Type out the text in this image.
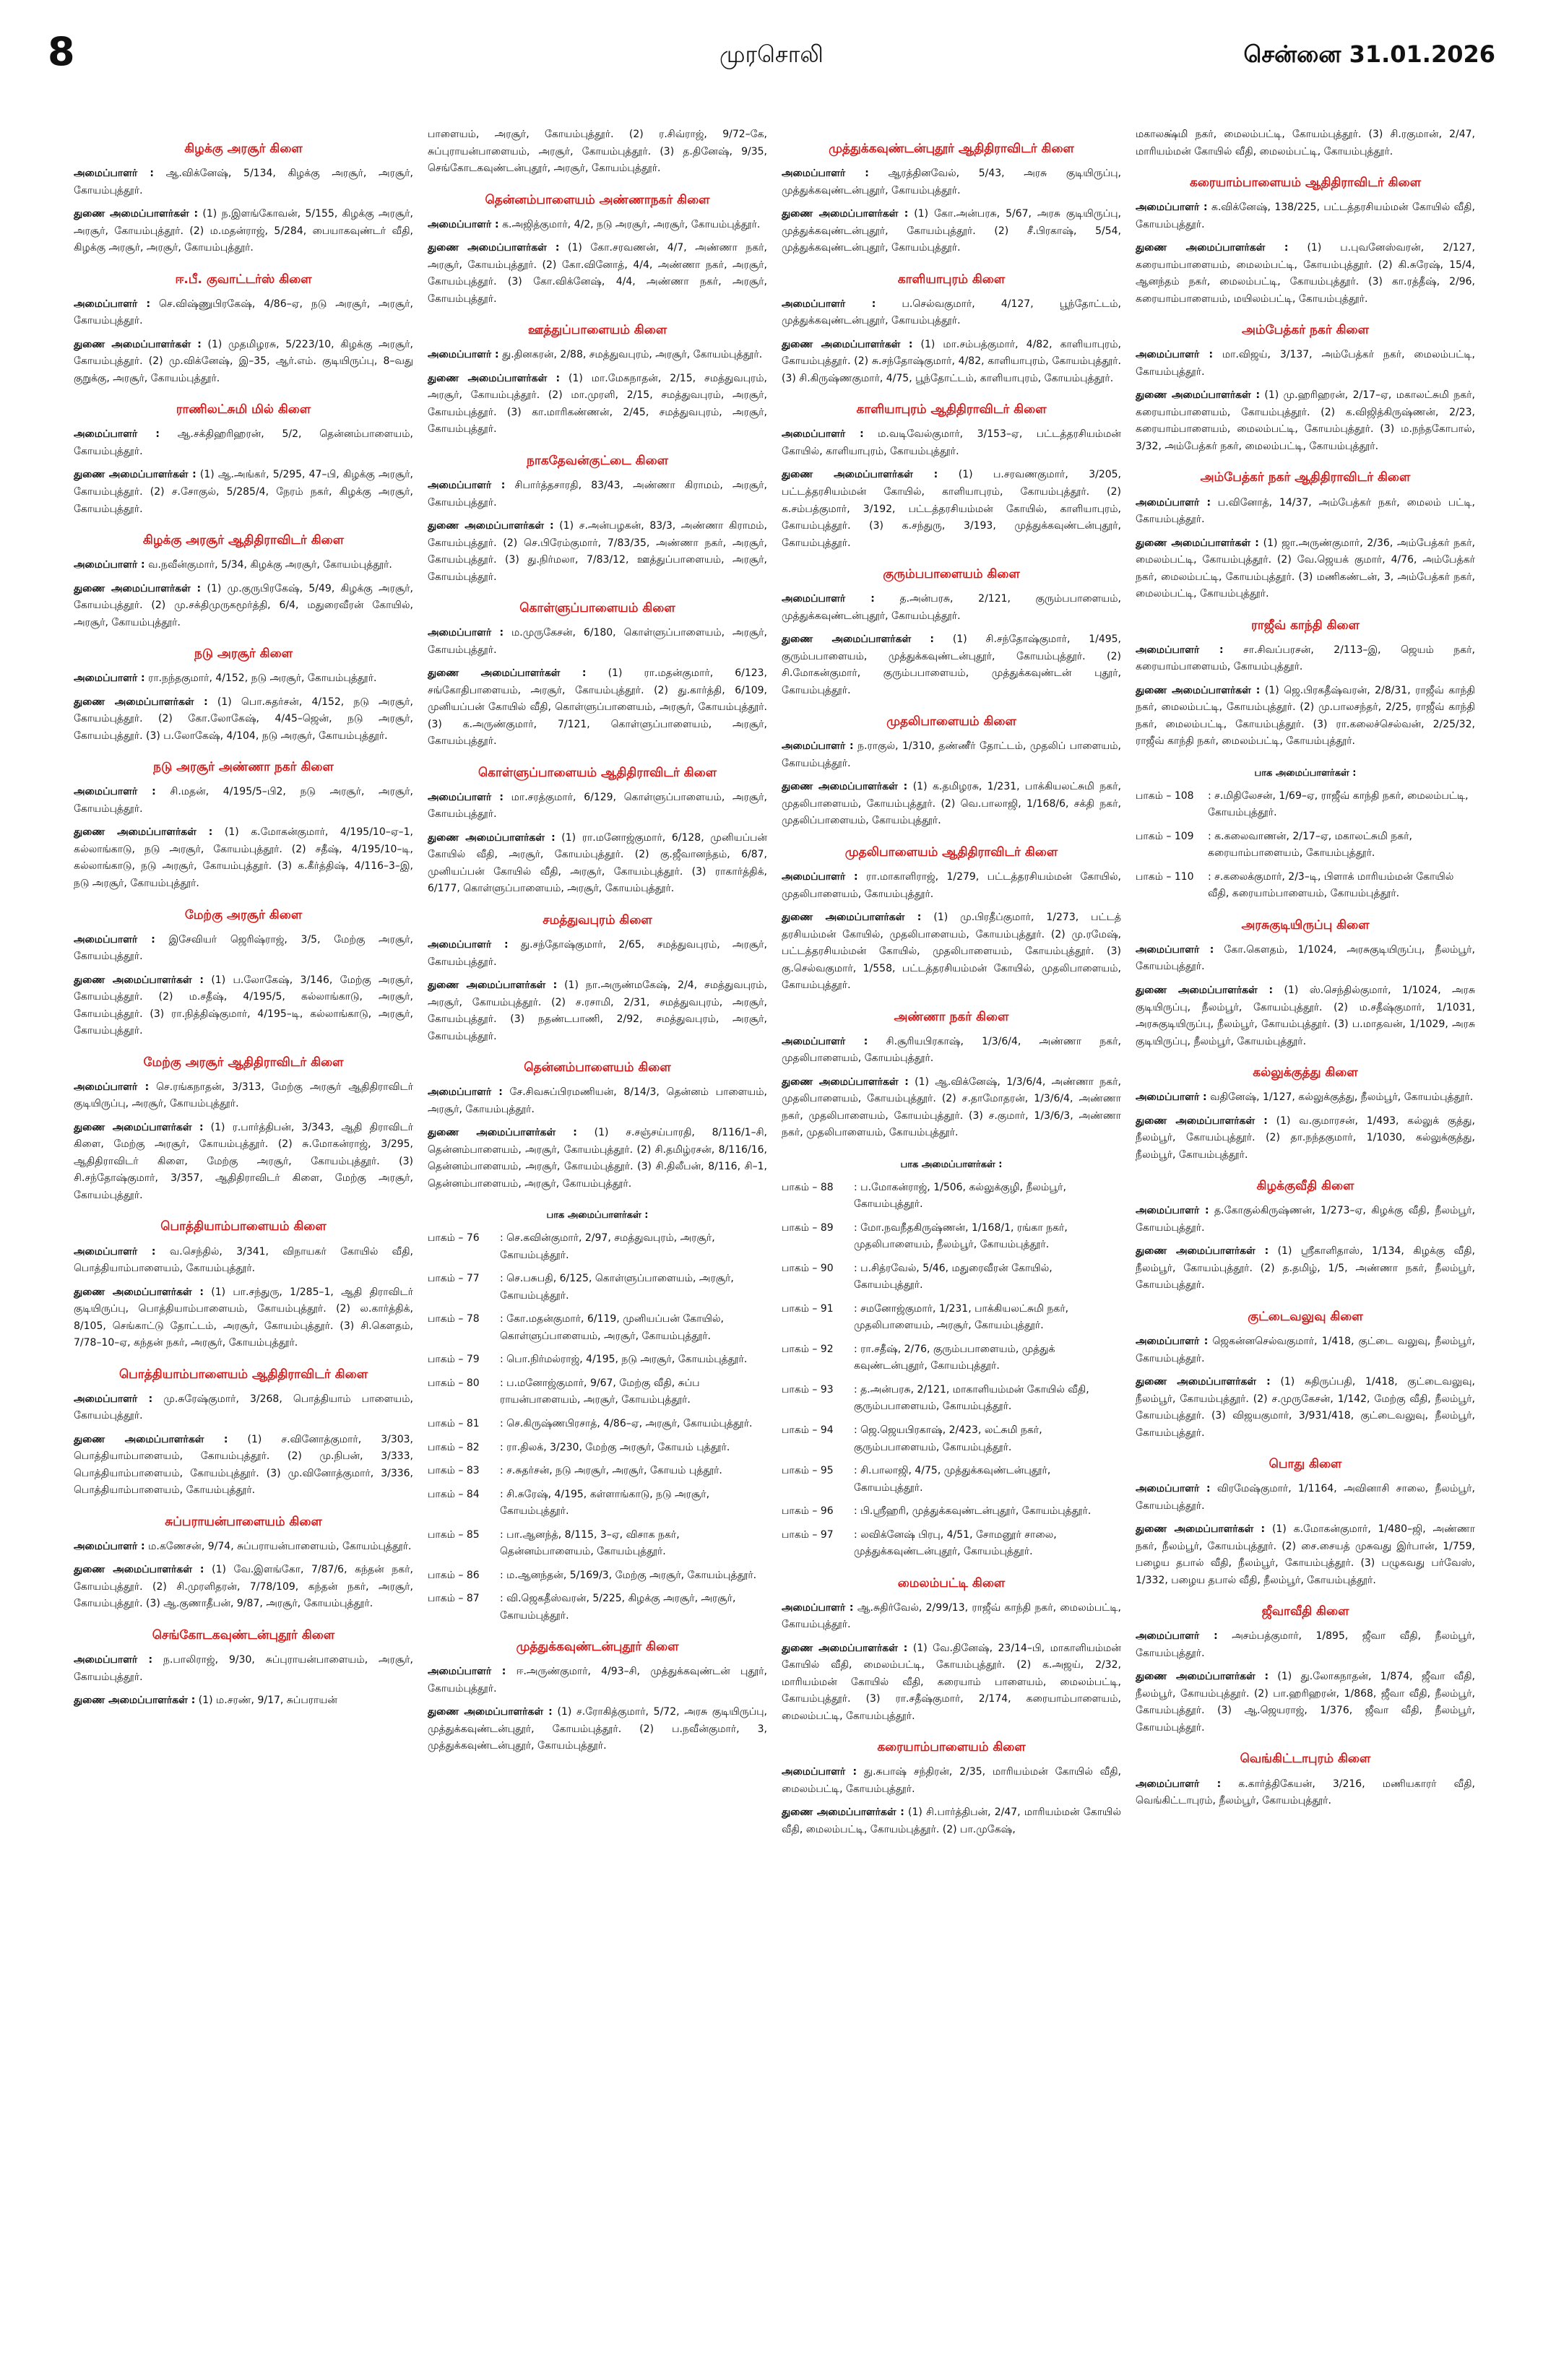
8	முரசொலி	சென்னை 31.01.2026
கிழக்கு அரசூர் கிளை

அமைப்பாளர் : ஆ.விக்னேஷ், 5/134, கிழக்கு அரசூர், அரசூர், கோயம்புத்தூர்.

துணை அமைப்பாளர்கள் : (1) ந.இளங்கோவன், 5/155, கிழக்கு அரசூர், அரசூர், கோயம்புத்தூர். (2) ம.மதன்ராஜ், 5/284, பையாகவுண்டர் வீதி, கிழக்கு அரசூர், அரசூர், கோயம்புத்தூர்.

ஈ.பீ. குவாட்டர்ஸ் கிளை

அமைப்பாளர் : செ.விஷ்ணுபிரகேஷ், 4/86–ஏ, நடு அரசூர், அரசூர், கோயம்புத்தூர்.

துணை அமைப்பாளர்கள் : (1) முதமிழரசு, 5/223/10, கிழக்கு அரசூர், கோயம்புத்தூர். (2) மு.விக்னேஷ், இ–35, ஆர்.எம். குடியிருப்பு, 8–வது குறுக்கு, அரசூர், கோயம்புத்தூர்.

ராணிலட்சுமி மில் கிளை

அமைப்பாளர் : ஆ.சக்திஹரிஹரன், 5/2, தென்னம்பாளையம், கோயம்புத்தூர்.

துணை அமைப்பாளர்கள் : (1) ஆ.அங்கர், 5/295, 47–பி, கிழக்கு அரசூர், கோயம்புத்தூர். (2) ச.சோகுல், 5/285/4, நேரம் நகர், கிழக்கு அரசூர், கோயம்புத்தூர்.

கிழக்கு அரசூர் ஆதிதிராவிடர் கிளை

அமைப்பாளர் : வ.நவீன்குமார், 5/34, கிழக்கு அரசூர், கோயம்புத்தூர்.

துணை அமைப்பாளர்கள் : (1) மு.குருபிரகேஷ், 5/49, கிழக்கு அரசூர், கோயம்புத்தூர். (2) மு.சக்திமுருகமூர்த்தி, 6/4, மதுரைவீரன் கோயில், அரசூர், கோயம்புத்தூர்.

நடு அரசூர் கிளை

அமைப்பாளர் : ரா.நந்தகுமார், 4/152, நடு அரசூர், கோயம்புத்தூர்.

துணை அமைப்பாளர்கள் : (1) பொ.சுதர்சன், 4/152, நடு அரசூர், கோயம்புத்தூர். (2) கோ.லோகேஷ், 4/45–ஜென், நடு அரசூர், கோயம்புத்தூர். (3) ப.லோகேஷ், 4/104, நடு அரசூர், கோயம்புத்தூர்.

நடு அரசூர் அண்ணா நகர் கிளை

அமைப்பாளர் : சி.மதன், 4/195/5–பி2, நடு அரசூர், அரசூர், கோயம்புத்தூர்.

துணை அமைப்பாளர்கள் : (1) க.மோகன்குமார், 4/195/10–ஏ–1, கல்லாங்காடு, நடு அரசூர், கோயம்புத்தூர். (2) சதீஷ், 4/195/10–டி, கல்லாங்காடு, நடு அரசூர், கோயம்புத்தூர். (3) க.கீர்த்திஷ், 4/116–3–இ, நடு அரசூர், கோயம்புத்தூர்.

மேற்கு அரசூர் கிளை

அமைப்பாளர் : இசேவியர் ஜெரிஷ்ராஜ், 3/5, மேற்கு அரசூர், கோயம்புத்தூர்.

துணை அமைப்பாளர்கள் : (1) ப.லோகேஷ், 3/146, மேற்கு அரசூர், கோயம்புத்தூர். (2) ம.சதீஷ், 4/195/5, கல்லாங்காடு, அரசூர், கோயம்புத்தூர். (3) ரா.நித்திஷ்குமார், 4/195–டி, கல்லாங்காடு, அரசூர், கோயம்புத்தூர்.

மேற்கு அரசூர் ஆதிதிராவிடர் கிளை

அமைப்பாளர் : செ.ரங்கநாதன், 3/313, மேற்கு அரசூர் ஆதிதிராவிடர் குடியிருப்பு, அரசூர், கோயம்புத்தூர்.

துணை அமைப்பாளர்கள் : (1) ர.பார்த்திபன், 3/343, ஆதி திராவிடர் கிளை, மேற்கு அரசூர், கோயம்புத்தூர். (2) சு.மோகன்ராஜ், 3/295, ஆதிதிராவிடர் கிளை, மேற்கு அரசூர், கோயம்புத்தூர். (3) சி.சந்தோஷ்குமார், 3/357, ஆதிதிராவிடர் கிளை, மேற்கு அரசூர், கோயம்புத்தூர்.

பொத்தியாம்பாளையம் கிளை

அமைப்பாளர் : வ.செந்தில், 3/341, விநாயகர் கோயில் வீதி, பொத்தியாம்பாளையம், கோயம்புத்தூர்.

துணை அமைப்பாளர்கள் : (1) பா.சந்துரு, 1/285–1, ஆதி திராவிடர் குடியிருப்பு, பொத்தியாம்பாளையம், கோயம்புத்தூர். (2) ல.கார்த்திக், 8/105, செங்காட்டு தோட்டம், அரசூர், கோயம்புத்தூர். (3) சி.கௌதம், 7/78–10–ஏ, கந்தன் நகர், அரசூர், கோயம்புத்தூர்.

பொத்தியாம்பாளையம் ஆதிதிராவிடர் கிளை

அமைப்பாளர் : மு.சுரேஷ்குமார், 3/268, பொத்தியாம் பாளையம், கோயம்புத்தூர்.

துணை அமைப்பாளர்கள் : (1) ச.வினோத்குமார், 3/303, பொத்தியாம்பாளையம், கோயம்புத்தூர். (2) மு.நிபன், 3/333, பொத்தியாம்பாளையம், கோயம்புத்தூர். (3) மு.வினோத்குமார், 3/336, பொத்தியாம்பாளையம், கோயம்புத்தூர்.

சுப்பராயன்பாளையம் கிளை

அமைப்பாளர் : ம.கணேசன், 9/74, சுப்பராயன்பாளையம், கோயம்புத்தூர்.

துணை அமைப்பாளர்கள் : (1) வே.இளங்கோ, 7/87/6, கந்தன் நகர், கோயம்புத்தூர். (2) சி.முரளிதரன், 7/78/109, கந்தன் நகர், அரசூர், கோயம்புத்தூர். (3) ஆ.குணாதீபன், 9/87, அரசூர், கோயம்புத்தூர்.

செங்கோடகவுண்டன்புதூர் கிளை

அமைப்பாளர் : ந.பாலிராஜ், 9/30, சுப்புராயன்பாளையம், அரசூர், கோயம்புத்தூர்.

துணை அமைப்பாளர்கள் : (1) ம.சரண், 9/17, சுப்பராயன்

பாளையம், அரசூர், கோயம்புத்தூர். (2) ர.சிவ்ராஜ், 9/72–கே, சுப்புராயன்பாளையம், அரசூர், கோயம்புத்தூர். (3) த.தினேஷ், 9/35, செங்கோடகவுண்டன்புதூர், அரசூர், கோயம்புத்தூர்.

தென்னம்பாளையம் அண்ணாநகர் கிளை

அமைப்பாளர் : க.அஜித்குமார், 4/2, நடு அரசூர், அரசூர், கோயம்புத்தூர்.

துணை அமைப்பாளர்கள் : (1) கோ.சரவணன், 4/7, அண்ணா நகர், அரசூர், கோயம்புத்தூர். (2) கோ.வினோத், 4/4, அண்ணா நகர், அரசூர், கோயம்புத்தூர். (3) கோ.விக்னேஷ், 4/4, அண்ணா நகர், அரசூர், கோயம்புத்தூர்.

ஊத்துப்பாளையம் கிளை

அமைப்பாளர் : து.தினகரன், 2/88, சமத்துவபுரம், அரசூர், கோயம்புத்தூர்.

துணை அமைப்பாளர்கள் : (1) மா.மேகநாதன், 2/15, சமத்துவபுரம், அரசூர், கோயம்புத்தூர். (2) மா.முரளி, 2/15, சமத்துவபுரம், அரசூர், கோயம்புத்தூர். (3) கா.மாரிகண்ணன், 2/45, சமத்துவபுரம், அரசூர், கோயம்புத்தூர்.

நாகதேவன்குட்டை கிளை

அமைப்பாளர் : சிபார்த்தசாரதி, 83/43, அண்ணா கிராமம், அரசூர், கோயம்புத்தூர்.

துணை அமைப்பாளர்கள் : (1) ச.அன்பழகன், 83/3, அண்ணா கிராமம், கோயம்புத்தூர். (2) செ.பிரேம்குமார், 7/83/35, அண்ணா நகர், அரசூர், கோயம்புத்தூர். (3) து.நிர்மலா, 7/83/12, ஊத்துப்பாளையம், அரசூர், கோயம்புத்தூர்.

கொள்ளுப்பாளையம் கிளை

அமைப்பாளர் : ம.முருகேசன், 6/180, கொள்ளுப்பாளையம், அரசூர், கோயம்புத்தூர்.

துணை அமைப்பாளர்கள் : (1) ரா.மதன்குமார், 6/123, சங்கோதிபாளையம், அரசூர், கோயம்புத்தூர். (2) து.கார்த்தி, 6/109, முனியப்பன் கோயில் வீதி, கொள்ளுப்பாளையம், அரசூர், கோயம்புத்தூர். (3) க.அருண்குமார், 7/121, கொள்ளுப்பாளையம், அரசூர், கோயம்புத்தூர்.

கொள்ளுப்பாளையம் ஆதிதிராவிடர் கிளை

அமைப்பாளர் : மா.சரத்குமார், 6/129, கொள்ளுப்பாளையம், அரசூர், கோயம்புத்தூர்.

துணை அமைப்பாளர்கள் : (1) ரா.மனோஜ்குமார், 6/128, முனியப்பன் கோயில் வீதி, அரசூர், கோயம்புத்தூர். (2) கு.ஜீவானந்தம், 6/87, முனியப்பன் கோயில் வீதி, அரசூர், கோயம்புத்தூர். (3) ராகார்த்திக், 6/177, கொள்ளுப்பாளையம், அரசூர், கோயம்புத்தூர்.

சமத்துவபுரம் கிளை

அமைப்பாளர் : து.சந்தோஷ்குமார், 2/65, சமத்துவபுரம், அரசூர், கோயம்புத்தூர்.

துணை அமைப்பாளர்கள் : (1) நா.அருண்மகேஷ், 2/4, சமத்துவபுரம், அரசூர், கோயம்புத்தூர். (2) ச.ரசாமி, 2/31, சமத்துவபுரம், அரசூர், கோயம்புத்தூர். (3) நதண்டபாணி, 2/92, சமத்துவபுரம், அரசூர், கோயம்புத்தூர்.

தென்னம்பாளையம் கிளை

அமைப்பாளர் : சே.சிவசுப்பிரமணியன், 8/14/3, தென்னம் பாளையம், அரசூர், கோயம்புத்தூர்.

துணை அமைப்பாளர்கள் : (1) ச.சஞ்சய்பாரதி, 8/116/1–சி, தென்னம்பாளையம், அரசூர், கோயம்புத்தூர். (2) சி.தமிழ்ரசன், 8/116/16, தென்னம்பாளையம், அரசூர், கோயம்புத்தூர். (3) சி.திலீபன், 8/116, சி–1, தென்னம்பாளையம், அரசூர், கோயம்புத்தூர்.

பாக அமைப்பாளர்கள் :
பாகம் – 76	: செ.கவின்குமார், 2/97, சமத்துவபுரம், அரசூர், கோயம்புத்தூர்.
பாகம் – 77	: செ.பசுபதி, 6/125, கொள்ளுப்பாளையம், அரசூர், கோயம்புத்தூர்.
பாகம் – 78	: கோ.மதன்குமார், 6/119, முனியப்பன் கோயில், கொள்ளுப்பாளையம், அரசூர், கோயம்புத்தூர்.
பாகம் – 79	: பொ.நிர்மல்ராஜ், 4/195, நடு அரசூர், கோயம்புத்தூர்.
பாகம் – 80	: ப.மனோஜ்குமார், 9/67, மேற்கு வீதி, சுப்ப ராயன்பாளையம், அரசூர், கோயம்புத்தூர்.
பாகம் – 81	: செ.கிருஷ்ணபிரசாத், 4/86–ஏ, அரசூர், கோயம்புத்தூர்.
பாகம் – 82	: ரா.திலக், 3/230, மேற்கு அரசூர், கோயம் புத்தூர்.
பாகம் – 83	: ச.சுதர்சன், நடு அரசூர், அரசூர், கோயம் புத்தூர்.
பாகம் – 84	: சி.சுரேஷ், 4/195, கள்ளாங்காடு, நடு அரசூர், கோயம்புத்தூர்.
பாகம் – 85	: பா.ஆனந்த், 8/115, 3–ஏ, விசாக நகர், தென்னம்பாளையம், கோயம்புத்தூர்.
பாகம் – 86	: ம.ஆனந்தன், 5/169/3, மேற்கு அரசூர், கோயம்புத்தூர்.
பாகம் – 87	: வி.ஜெகதீஸ்வரன், 5/225, கிழக்கு அரசூர், அரசூர், கோயம்புத்தூர்.
முத்துக்கவுண்டன்புதூர் கிளை

அமைப்பாளர் : ஈ.அருண்குமார், 4/93–சி, முத்துக்கவுண்டன் புதூர், கோயம்புத்தூர்.

துணை அமைப்பாளர்கள் : (1) ச.ரோகித்குமார், 5/72, அரசு குடியிருப்பு, முத்துக்கவுண்டன்புதூர், கோயம்புத்தூர். (2) ப.நவீன்குமார், 3, முத்துக்கவுண்டன்புதூர், கோயம்புத்தூர்.

முத்துக்கவுண்டன்புதூர் ஆதிதிராவிடர் கிளை

அமைப்பாளர் : ஆரத்தினவேல், 5/43, அரசு குடியிருப்பு, முத்துக்கவுண்டன்புதூர், கோயம்புத்தூர்.

துணை அமைப்பாளர்கள் : (1) கோ.அன்பரசு, 5/67, அரசு குடியிருப்பு, முத்துக்கவுண்டன்புதூர், கோயம்புத்தூர். (2) சீ.பிரகாஷ், 5/54, முத்துக்கவுண்டன்புதூர், கோயம்புத்தூர்.

காளியாபுரம் கிளை

அமைப்பாளர் : ப.செல்வகுமார், 4/127, பூந்தோட்டம், முத்துக்கவுண்டன்புதூர், கோயம்புத்தூர்.

துணை அமைப்பாளர்கள் : (1) மா.சம்பத்குமார், 4/82, காளியாபுரம், கோயம்புத்தூர். (2) சு.சந்தோஷ்குமார், 4/82, காளியாபுரம், கோயம்புத்தூர். (3) சி.கிருஷ்ணகுமார், 4/75, பூந்தோட்டம், காளியாபுரம், கோயம்புத்தூர்.

காளியாபுரம் ஆதிதிராவிடர் கிளை

அமைப்பாளர் : ம.வடிவேல்குமார், 3/153–ஏ, பட்டத்தரசியம்மன் கோயில், காளியாபுரம், கோயம்புத்தூர்.

துணை அமைப்பாளர்கள் : (1) ப.சரவணகுமார், 3/205, பட்டத்தரசியம்மன் கோயில், காளியாபுரம், கோயம்புத்தூர். (2) க.சம்பத்குமார், 3/192, பட்டத்தரசியம்மன் கோயில், காளியாபுரம், கோயம்புத்தூர். (3) க.சந்துரு, 3/193, முத்துக்கவுண்டன்புதூர், கோயம்புத்தூர்.

குரும்பபாளையம் கிளை

அமைப்பாளர் : த.அன்பரசு, 2/121, குரும்பபாளையம், முத்துக்கவுண்டன்புதூர், கோயம்புத்தூர்.

துணை அமைப்பாளர்கள் : (1) சி.சந்தோஷ்குமார், 1/495, குரும்பபாளையம், முத்துக்கவுண்டன்புதூர், கோயம்புத்தூர். (2) சி.மோகன்குமார், குரும்பபாளையம், முத்துக்கவுண்டன் புதூர், கோயம்புத்தூர்.

முதலிபாளையம் கிளை

அமைப்பாளர் : ந.ராகுல், 1/310, தண்ணீர் தோட்டம், முதலிப் பாளையம், கோயம்புத்தூர்.

துணை அமைப்பாளர்கள் : (1) க.தமிழரசு, 1/231, பாக்கியலட்சுமி நகர், முதலிபாளையம், கோயம்புத்தூர். (2) வெ.பாலாஜி, 1/168/6, சக்தி நகர், முதலிப்பாளையம், கோயம்புத்தூர்.

முதலிபாளையம் ஆதிதிராவிடர் கிளை

அமைப்பாளர் : ரா.மாகாளிராஜ், 1/279, பட்டத்தரசியம்மன் கோயில், முதலிபாளையம், கோயம்புத்தூர்.

துணை அமைப்பாளர்கள் : (1) மு.பிரதீப்குமார், 1/273, பட்டத் தரசியம்மன் கோயில், முதலிபாளையம், கோயம்புத்தூர். (2) மு.ரமேஷ், பட்டத்தரசியம்மன் கோயில், முதலிபாளையம், கோயம்புத்தூர். (3) கு.செல்வகுமார், 1/558, பட்டத்தரசியம்மன் கோயில், முதலிபாளையம், கோயம்புத்தூர்.

அண்ணா நகர் கிளை

அமைப்பாளர் : சி.சூரியபிரகாஷ், 1/3/6/4, அண்ணா நகர், முதலிபாளையம், கோயம்புத்தூர்.

துணை அமைப்பாளர்கள் : (1) ஆ.விக்னேஷ், 1/3/6/4, அண்ணா நகர், முதலிபாளையம், கோயம்புத்தூர். (2) ச.தாமோதரன், 1/3/6/4, அண்ணா நகர், முதலிபாளையம், கோயம்புத்தூர். (3) ச.குமார், 1/3/6/3, அண்ணா நகர், முதலிபாளையம், கோயம்புத்தூர்.

பாக அமைப்பாளர்கள் :
பாகம் – 88	: ப.மோகன்ராஜ், 1/506, கல்லுக்குழி, நீலம்பூர், கோயம்புத்தூர்.
பாகம் – 89	: மோ.நவநீதகிருஷ்ணன், 1/168/1, ரங்கா நகர், முதலிபாளையம், நீலம்பூர், கோயம்புத்தூர்.
பாகம் – 90	: ப.சித்ரவேல், 5/46, மதுரைவீரன் கோயில், கோயம்புத்தூர்.
பாகம் – 91	: சமனோஜ்குமார், 1/231, பாக்கியலட்சுமி நகர், முதலிபாளையம், அரசூர், கோயம்புத்தூர்.
பாகம் – 92	: ரா.சதீஷ், 2/76, குரும்பபாளையம், முத்துக் கவுண்டன்புதூர், கோயம்புத்தூர்.
பாகம் – 93	: த.அன்பரசு, 2/121, மாகாளியம்மன் கோயில் வீதி, குரும்பபாளையம், கோயம்புத்தூர்.
பாகம் – 94	: ஜெ.ஜெயபிரகாஷ், 2/423, லட்சுமி நகர், குரும்பபாளையம், கோயம்புத்தூர்.
பாகம் – 95	: சி.பாலாஜி, 4/75, முத்துக்கவுண்டன்புதூர், கோயம்புத்தூர்.
பாகம் – 96	: பி.ஸ்ரீஹரி, முத்துக்கவுண்டன்புதூர், கோயம்புத்தூர்.
பாகம் – 97	: லவிக்னேஷ் பிரபு, 4/51, சோமனூர் சாலை, முத்துக்கவுண்டன்புதூர், கோயம்புத்தூர்.
மைலம்பட்டி கிளை

அமைப்பாளர் : ஆ.சுதிர்வேல், 2/99/13, ராஜீவ் காந்தி நகர், மைலம்பட்டி, கோயம்புத்தூர்.

துணை அமைப்பாளர்கள் : (1) வே.தினேஷ், 23/14–பி, மாகாளியம்மன் கோயில் வீதி, மைலம்பட்டி, கோயம்புத்தூர். (2) க.அஜய், 2/32, மாரியம்மன் கோயில் வீதி, கரையாம் பாளையம், மைலம்பட்டி, கோயம்புத்தூர். (3) ரா.சதீஷ்குமார், 2/174, கரையாம்பாளையம், மைலம்பட்டி, கோயம்புத்தூர்.

கரையாம்பாளையம் கிளை

அமைப்பாளர் : து.சுபாஷ் சந்திரன், 2/35, மாரியம்மன் கோயில் வீதி, மைலம்பட்டி, கோயம்புத்தூர்.

துணை அமைப்பாளர்கள் : (1) சி.பார்த்திபன், 2/47, மாரியம்மன் கோயில் வீதி, மைலம்பட்டி, கோயம்புத்தூர். (2) பா.முகேஷ்,

மகாலக்ஷ்மி நகர், மைலம்பட்டி, கோயம்புத்தூர். (3) சி.ரகுமான், 2/47, மாரியம்மன் கோயில் வீதி, மைலம்பட்டி, கோயம்புத்தூர்.

கரையாம்பாளையம் ஆதிதிராவிடர் கிளை

அமைப்பாளர் : க.விக்னேஷ், 138/225, பட்டத்தரசியம்மன் கோயில் வீதி, கோயம்புத்தூர்.

துணை அமைப்பாளர்கள் : (1) ப.புவனேஸ்வரன், 2/127, கரையாம்பாளையம், மைலம்பட்டி, கோயம்புத்தூர். (2) கி.சுரேஷ், 15/4, ஆனந்தம் நகர், மைலம்பட்டி, கோயம்புத்தூர். (3) கா.ரத்தீஷ், 2/96, கரையாம்பாளையம், மயிலம்பட்டி, கோயம்புத்தூர்.

அம்பேத்கர் நகர் கிளை

அமைப்பாளர் : மா.விஜய், 3/137, அம்பேத்கர் நகர், மைலம்பட்டி, கோயம்புத்தூர்.

துணை அமைப்பாளர்கள் : (1) மு.ஹரிஹரன், 2/17–ஏ, மகாலட்சுமி நகர், கரையாம்பாளையம், கோயம்புத்தூர். (2) க.விஜித்கிருஷ்ணன், 2/23, கரையாம்பாளையம், மைலம்பட்டி, கோயம்புத்தூர். (3) ம.நந்தகோபால், 3/32, அம்பேத்கர் நகர், மைலம்பட்டி, கோயம்புத்தூர்.

அம்பேத்கர் நகர் ஆதிதிராவிடர் கிளை

அமைப்பாளர் : ப.வினோத், 14/37, அம்பேத்கர் நகர், மைலம் பட்டி, கோயம்புத்தூர்.

துணை அமைப்பாளர்கள் : (1) ஜா.அருண்குமார், 2/36, அம்பேத்கர் நகர், மைலம்பட்டி, கோயம்புத்தூர். (2) வே.ஜெயக் குமார், 4/76, அம்பேத்கர் நகர், மைலம்பட்டி, கோயம்புத்தூர். (3) மணிகண்டன், 3, அம்பேத்கர் நகர், மைலம்பட்டி, கோயம்புத்தூர்.

ராஜீவ் காந்தி கிளை

அமைப்பாளர் : சா.சிவப்பரசன், 2/113–இ, ஜெயம் நகர், கரையாம்பாளையம், கோயம்புத்தூர்.

துணை அமைப்பாளர்கள் : (1) ஜெ.பிரகதீஷ்வரன், 2/8/31, ராஜீவ் காந்தி நகர், மைலம்பட்டி, கோயம்புத்தூர். (2) மு.பாலசந்தர், 2/25, ராஜீவ் காந்தி நகர், மைலம்பட்டி, கோயம்புத்தூர். (3) ரா.கலைச்செல்வன், 2/25/32, ராஜீவ் காந்தி நகர், மைலம்பட்டி, கோயம்புத்தூர்.

பாக அமைப்பாளர்கள் :
பாகம் – 108	: ச.மிதிலேசன், 1/69–ஏ, ராஜீவ் காந்தி நகர், மைலம்பட்டி, கோயம்புத்தூர்.
பாகம் – 109	: க.கலைவாணன், 2/17–ஏ, மகாலட்சுமி நகர், கரையாம்பாளையம், கோயம்புத்தூர்.
பாகம் – 110	: ச.கலைக்குமார், 2/3–டி, பிளாக் மாரியம்மன் கோயில் வீதி, கரையாம்பாளையம், கோயம்புத்தூர்.
அரசுகுடியிருப்பு கிளை

அமைப்பாளர் : கோ.கௌதம், 1/1024, அரசுகுடியிருப்பு, நீலம்பூர், கோயம்புத்தூர்.

துணை அமைப்பாளர்கள் : (1) ஸ்.செந்தில்குமார், 1/1024, அரசு குடியிருப்பு, நீலம்பூர், கோயம்புத்தூர். (2) ம.சதீஷ்குமார், 1/1031, அரசுகுடியிருப்பு, நீலம்பூர், கோயம்புத்தூர். (3) ப.மாதவன், 1/1029, அரசு குடியிருப்பு, நீலம்பூர், கோயம்புத்தூர்.

கல்லுக்குத்து கிளை

அமைப்பாளர் : வதினேஷ், 1/127, கல்லுக்குத்து, நீலம்பூர், கோயம்புத்தூர்.

துணை அமைப்பாளர்கள் : (1) வ.குமாரசன், 1/493, கல்லுக் குத்து, நீலம்பூர், கோயம்புத்தூர். (2) தா.நந்தகுமார், 1/1030, கல்லுக்குத்து, நீலம்பூர், கோயம்புத்தூர்.

கிழக்குவீதி கிளை

அமைப்பாளர் : த.கோகுல்கிருஷ்ணன், 1/273–ஏ, கிழக்கு வீதி, நீலம்பூர், கோயம்புத்தூர்.

துணை அமைப்பாளர்கள் : (1) ஸ்ரீகாளிதாஸ், 1/134, கிழக்கு வீதி, நீலம்பூர், கோயம்புத்தூர். (2) த.தமிழ், 1/5, அண்ணா நகர், நீலம்பூர், கோயம்புத்தூர்.

குட்டைவலுவு கிளை

அமைப்பாளர் : ஜெகன்னசெல்வகுமார், 1/418, குட்டை வலுவு, நீலம்பூர், கோயம்புத்தூர்.

துணை அமைப்பாளர்கள் : (1) சுதிருப்பதி, 1/418, குட்டைவலுவு, நீலம்பூர், கோயம்புத்தூர். (2) ச.முருகேசன், 1/142, மேற்கு வீதி, நீலம்பூர், கோயம்புத்தூர். (3) விஜயகுமார், 3/931/418, குட்டைவலுவு, நீலம்பூர், கோயம்புத்தூர்.

பொது கிளை

அமைப்பாளர் : விரமேஷ்குமார், 1/1164, அவினாசி சாலை, நீலம்பூர், கோயம்புத்தூர்.

துணை அமைப்பாளர்கள் : (1) க.மோகன்குமார், 1/480–ஜி, அண்ணா நகர், நீலம்பூர், கோயம்புத்தூர். (2) சை.சையத் முசுவது இர்பான், 1/759, பழைய தபால் வீதி, நீலம்பூர், கோயம்புத்தூர். (3) பழுகவது பர்வேஸ், 1/332, பழைய தபால் வீதி, நீலம்பூர், கோயம்புத்தூர்.

ஜீவாவீதி கிளை

அமைப்பாளர் : அசம்பத்குமார், 1/895, ஜீவா வீதி, நீலம்பூர், கோயம்புத்தூர்.

துணை அமைப்பாளர்கள் : (1) து.லோகநாதன், 1/874, ஜீவா வீதி, நீலம்பூர், கோயம்புத்தூர். (2) பா.ஹரிஹரன், 1/868, ஜீவா வீதி, நீலம்பூர், கோயம்புத்தூர். (3) ஆ.ஜெயராஜ், 1/376, ஜீவா வீதி, நீலம்பூர், கோயம்புத்தூர்.

வெங்கிட்டாபுரம் கிளை

அமைப்பாளர் : க.கார்த்திகேயன், 3/216, மணியகாரர் வீதி, வெங்கிட்டாபுரம், நீலம்பூர், கோயம்புத்தூர்.
